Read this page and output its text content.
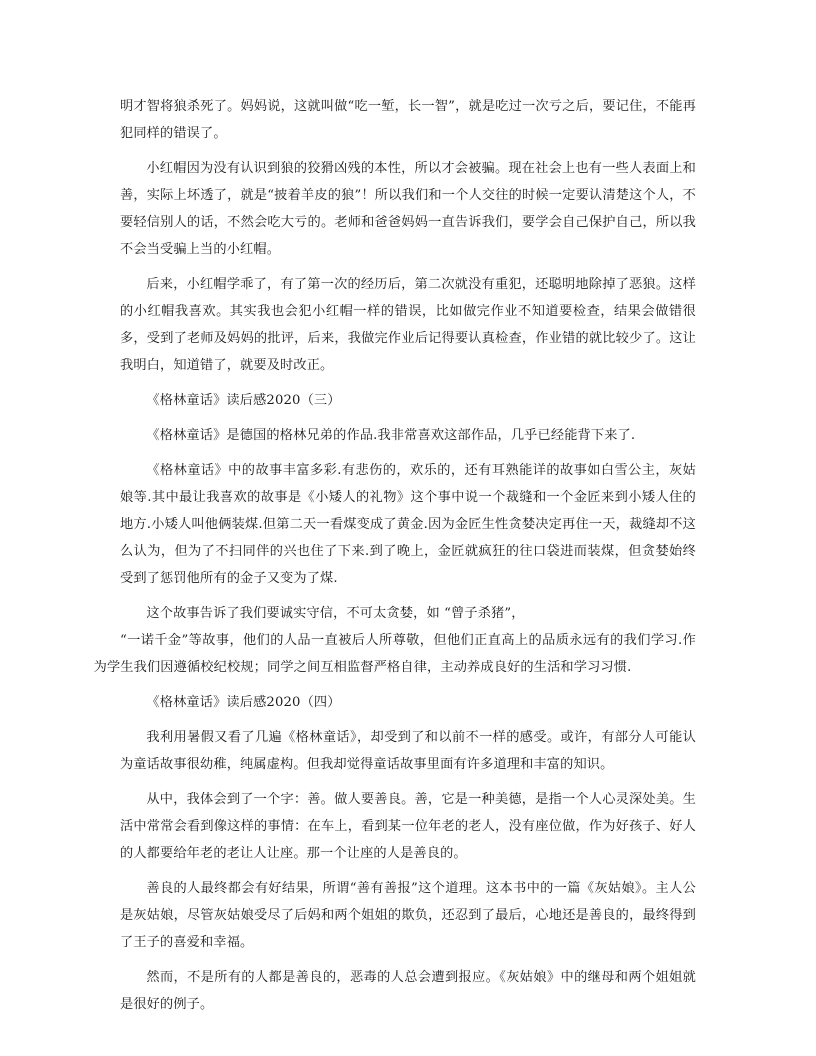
明才智将狼杀死了。妈妈说，这就叫做“吃一堑，长一智”，就是吃过一次亏之后，要记住，不能再犯同样的错误了。

小红帽因为没有认识到狼的狡猾凶残的本性，所以才会被骗。现在社会上也有一些人表面上和善，实际上坏透了，就是“披着羊皮的狼”！所以我们和一个人交往的时候一定要认清楚这个人，不要轻信别人的话，不然会吃大亏的。老师和爸爸妈妈一直告诉我们，要学会自己保护自己，所以我不会当受骗上当的小红帽。

后来，小红帽学乖了，有了第一次的经历后，第二次就没有重犯，还聪明地除掉了恶狼。这样的小红帽我喜欢。其实我也会犯小红帽一样的错误，比如做完作业不知道要检查，结果会做错很多，受到了老师及妈妈的批评，后来，我做完作业后记得要认真检查，作业错的就比较少了。这让我明白，知道错了，就要及时改正。

《格林童话》读后感2020（三）

《格林童话》是德国的格林兄弟的作品.我非常喜欢这部作品，几乎已经能背下来了.

《格林童话》中的故事丰富多彩.有悲伤的，欢乐的，还有耳熟能详的故事如白雪公主，灰姑娘等.其中最让我喜欢的故事是《小矮人的礼物》这个事中说一个裁缝和一个金匠来到小矮人住的地方.小矮人叫他俩装煤.但第二天一看煤变成了黄金.因为金匠生性贪婪决定再住一天，裁缝却不这么认为，但为了不扫同伴的兴也住了下来.到了晚上，金匠就疯狂的往口袋进而装煤，但贪婪始终受到了惩罚他所有的金子又变为了煤.

这个故事告诉了我们要诚实守信，不可太贪婪，如 “曾子杀猪”，
“一诺千金”等故事，他们的人品一直被后人所尊敬，但他们正直高上的品质永远有的我们学习.作为学生我们因遵循校纪校规；同学之间互相监督严格自律，主动养成良好的生活和学习习惯.

《格林童话》读后感2020（四）

我利用暑假又看了几遍《格林童话》，却受到了和以前不一样的感受。或许，有部分人可能认为童话故事很幼稚，纯属虚构。但我却觉得童话故事里面有许多道理和丰富的知识。

从中，我体会到了一个字：善。做人要善良。善，它是一种美德，是指一个人心灵深处美。生活中常常会看到像这样的事情：在车上，看到某一位年老的老人，没有座位做，作为好孩子、好人的人都要给年老的老让人让座。那一个让座的人是善良的。

善良的人最终都会有好结果，所谓“善有善报”这个道理。这本书中的一篇《灰姑娘》。主人公是灰姑娘，尽管灰姑娘受尽了后妈和两个姐姐的欺负，还忍到了最后，心地还是善良的，最终得到了王子的喜爱和幸福。

然而，不是所有的人都是善良的，恶毒的人总会遭到报应。《灰姑娘》中的继母和两个姐姐就是很好的例子。
